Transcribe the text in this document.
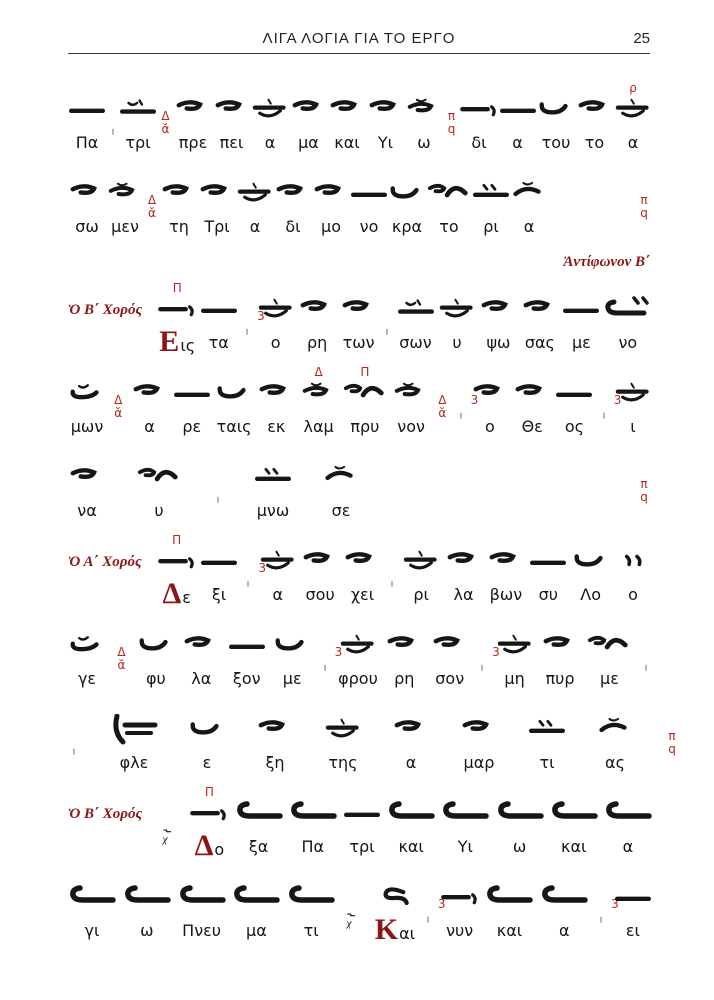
ΛΙΓΑ ΛΟΓΙΑ ΓΙΑ ΤΟ ΕΡΓΟ	25
Πα τρι
Δ
ᾰ
πρε πει α μα και Υι ω
π
q
δι α του το
ρ
α
σω μεν
Δ
ᾰ
τη Τρι α δι μο νο κρα το ρι α
π
q
Ἀντίφωνον Β΄
Ὁ Β΄ Χορός
Π
Ε ις τα
3
ο ρη των σων υ ψω σας με νο
μων
Δ
ᾰ
α ρε ταις εκ
Δ
λαμ
Π
πρυ νον
Δ
ᾰ
3
ο Θε ος
3
ι
να	υ	μνω	σε
π
q
Ὁ Α΄ Χορός
Π
Δ ε ξι
3
α σου χει ρι λα βων συ Λο ο
γε
Δ
ᾰ
φυ λα ξον με
3
φρου ρη σον
3
μη πυρ με
φλε	ε	ξη	της	α	μαρ	τι	ας
π
q
Ὁ Β΄ Χορός
Π
Δ ο ξα Πα τρι και Υι ω και α
γι	ω Πνευ μα τι Κ αι
3
νυν και α
3
ει
